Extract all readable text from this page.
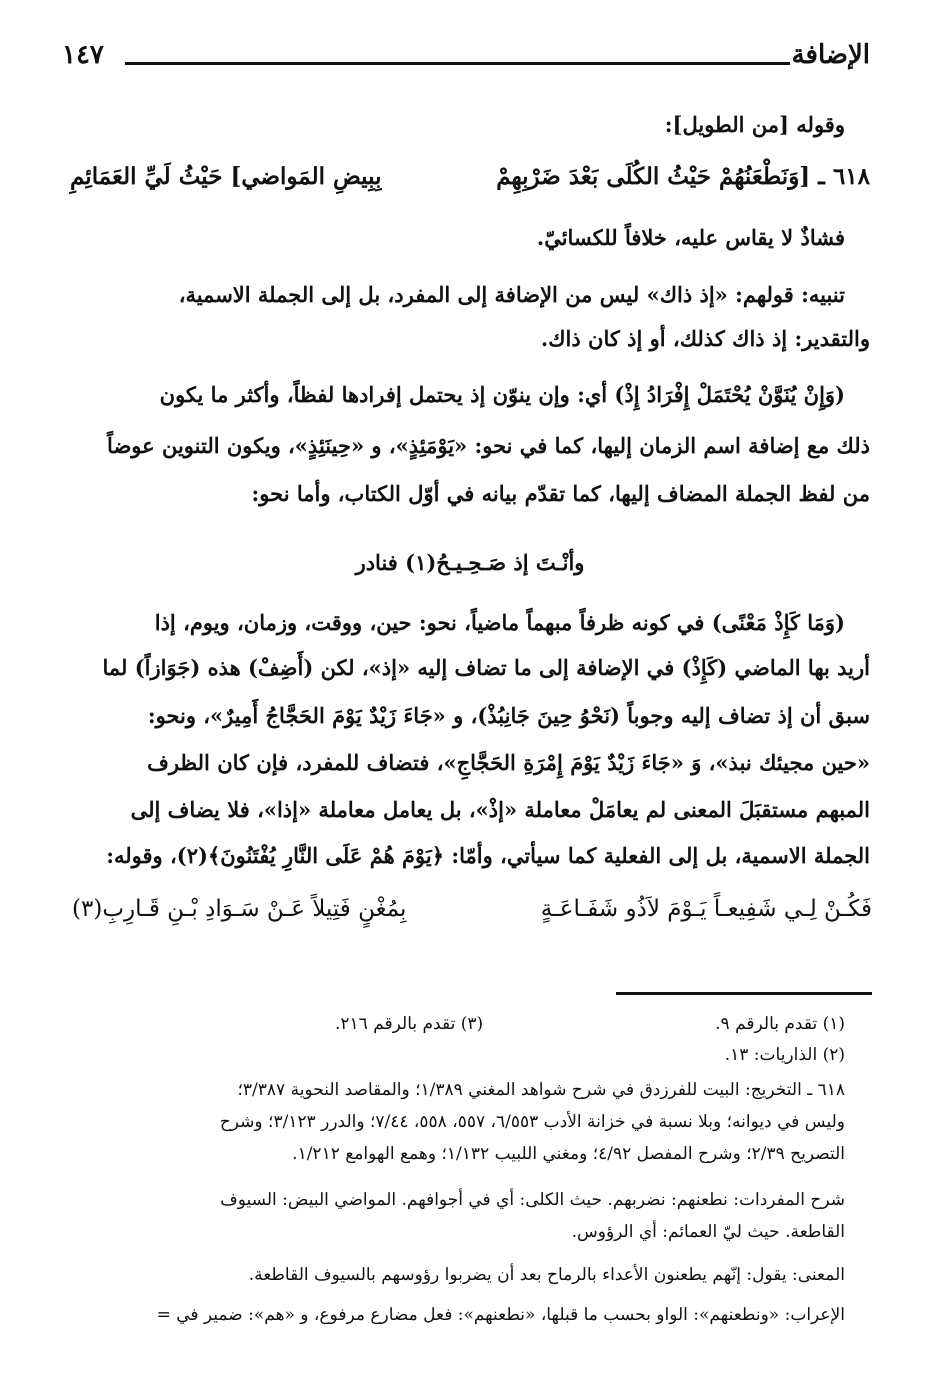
الإضافة
١٤٧
وقوله [من الطويل]:
٦١٨ ـ [وَنَطْعَنُهُمْ حَيْثُ الكُلَى بَعْدَ ضَرْبِهِمْ
بِبِيضِ المَواضي] حَيْثُ لَيِّ العَمَائِمِ
فشاذٌ لا يقاس عليه، خلافاً للكسائيّ.
تنبيه: قولهم: «إذ ذاك» ليس من الإضافة إلى المفرد، بل إلى الجملة الاسمية،
والتقدير: إذ ذاك كذلك، أو إذ كان ذاك.
(وَإِنْ يُنَوَّنْ يُحْتَمَلْ إِفْرَادُ إِذْ) أي: وإن ينوّن إذ يحتمل إفرادها لفظاً، وأكثر ما يكون
ذلك مع إضافة اسم الزمان إليها، كما في نحو: «يَوْمَئِذٍ»، و «حِينَئِذٍ»، ويكون التنوين عوضاً
من لفظ الجملة المضاف إليها، كما تقدّم بيانه في أوّل الكتاب، وأما نحو:
وأنْـتَ إذ صَـحِـيـحُ(١) فنادر
(وَمَا كَإِذْ مَعْنًى) في كونه ظرفاً مبهماً ماضياً، نحو: حين، ووقت، وزمان، ويوم، إذا
أريد بها الماضي (كَإِذْ) في الإضافة إلى ما تضاف إليه «إذ»، لكن (أَضِفْ) هذه (جَوَازاً) لما
سبق أن إذ تضاف إليه وجوباً (نَحْوُ حِينَ جَانِبُذْ)، و «جَاءَ زَيْدٌ يَوْمَ الحَجَّاجُ أَمِيرٌ»، ونحو:
«حين مجيئك نبذ»، وَ «جَاءَ زَيْدٌ يَوْمَ إِمْرَةِ الحَجَّاجِ»، فتضاف للمفرد، فإن كان الظرف
المبهم مستقبَلَ المعنى لم يعامَلْ معاملة «إذْ»، بل يعامل معاملة «إذا»، فلا يضاف إلى
الجملة الاسمية، بل إلى الفعلية كما سيأتي، وأمّا: ﴿يَوْمَ هُمْ عَلَى النَّارِ يُفْتَنُونَ﴾(٢)، وقوله:
فَكُـنْ لِـي شَفِيعـاً يَـوْمَ لاَذُو شَفَـاعَـةٍ
بِمُغْنٍ فَتِيلاً عَـنْ سَـوَادِ بْـنِ قَـارِبِ(٣)
(١) تقدم بالرقم ٩.
(٣) تقدم بالرقم ٢١٦.
(٢) الذاريات: ١٣.
٦١٨ ـ التخريج: البيت للفرزدق في شرح شواهد المغني ١/٣٨٩؛ والمقاصد النحوية ٣/٣٨٧؛
وليس في ديوانه؛ وبلا نسبة في خزانة الأدب ٦/٥٥٣، ٥٥٧، ٥٥٨، ٧/٤٤؛ والدرر ٣/١٢٣؛ وشرح
التصريح ٢/٣٩؛ وشرح المفصل ٤/٩٢؛ ومغني اللبيب ١/١٣٢؛ وهمع الهوامع ١/٢١٢.
شرح المفردات: نطعنهم: نضربهم. حيث الكلى: أي في أجوافهم. المواضي البيض: السيوف
القاطعة. حيث ليّ العمائم: أي الرؤوس.
المعنى: يقول: إنّهم يطعنون الأعداء بالرماح بعد أن يضربوا رؤوسهم بالسيوف القاطعة.
الإعراب: «ونطعنهم»: الواو بحسب ما قبلها، «نطعنهم»: فعل مضارع مرفوع، و «هم»: ضمير في =
